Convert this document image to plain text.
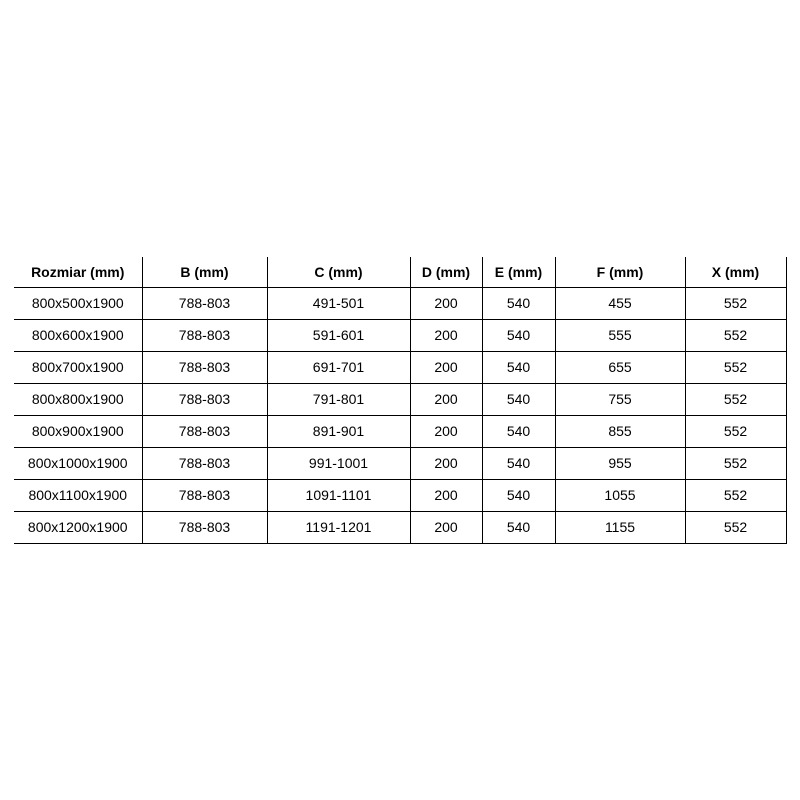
Rozmiar (mm)	B (mm)	C (mm)	D (mm)	E (mm)	F (mm)	X (mm)
800x500x1900	788-803	491-501	200	540	455	552
800x600x1900	788-803	591-601	200	540	555	552
800x700x1900	788-803	691-701	200	540	655	552
800x800x1900	788-803	791-801	200	540	755	552
800x900x1900	788-803	891-901	200	540	855	552
800x1000x1900	788-803	991-1001	200	540	955	552
800x1100x1900	788-803	1091-1101	200	540	1055	552
800x1200x1900	788-803	1191-1201	200	540	1155	552
